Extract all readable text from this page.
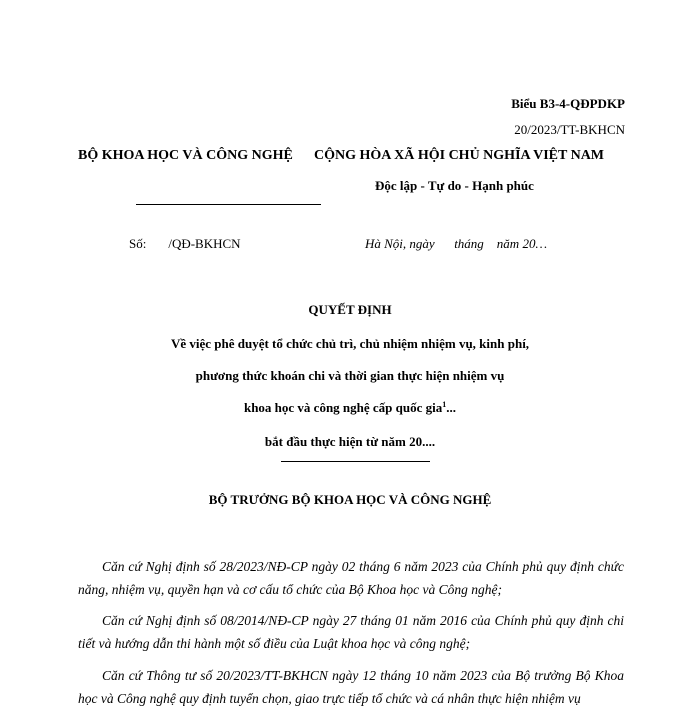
Biểu B3-4-QĐPDKP
20/2023/TT-BKHCN
BỘ KHOA HỌC VÀ CÔNG NGHỆ	CỘNG HÒA XÃ HỘI CHỦ NGHĨA VIỆT NAM
Độc lập - Tự do - Hạnh phúc
Số: /QĐ-BKHCN	Hà Nội, ngày      tháng    năm 20…
QUYẾT ĐỊNH
Về việc phê duyệt tổ chức chủ trì, chủ nhiệm nhiệm vụ, kinh phí,
phương thức khoán chi và thời gian thực hiện nhiệm vụ
khoa học và công nghệ cấp quốc gia$^1$...
bắt đầu thực hiện từ năm 20....
BỘ TRƯỞNG BỘ KHOA HỌC VÀ CÔNG NGHỆ
Căn cứ Nghị định số 28/2023/NĐ-CP ngày 02 tháng 6 năm 2023 của Chính phủ quy định chức năng, nhiệm vụ, quyền hạn và cơ cấu tổ chức của Bộ Khoa học và Công nghệ;
Căn cứ Nghị định số 08/2014/NĐ-CP ngày 27 tháng 01 năm 2016 của Chính phủ quy định chi tiết và hướng dẫn thi hành một số điều của Luật khoa học và công nghệ;
Căn cứ Thông tư số 20/2023/TT-BKHCN ngày 12 tháng 10 năm 2023 của Bộ trưởng Bộ Khoa học và Công nghệ quy định tuyển chọn, giao trực tiếp tổ chức và cá nhân thực hiện nhiệm vụ
